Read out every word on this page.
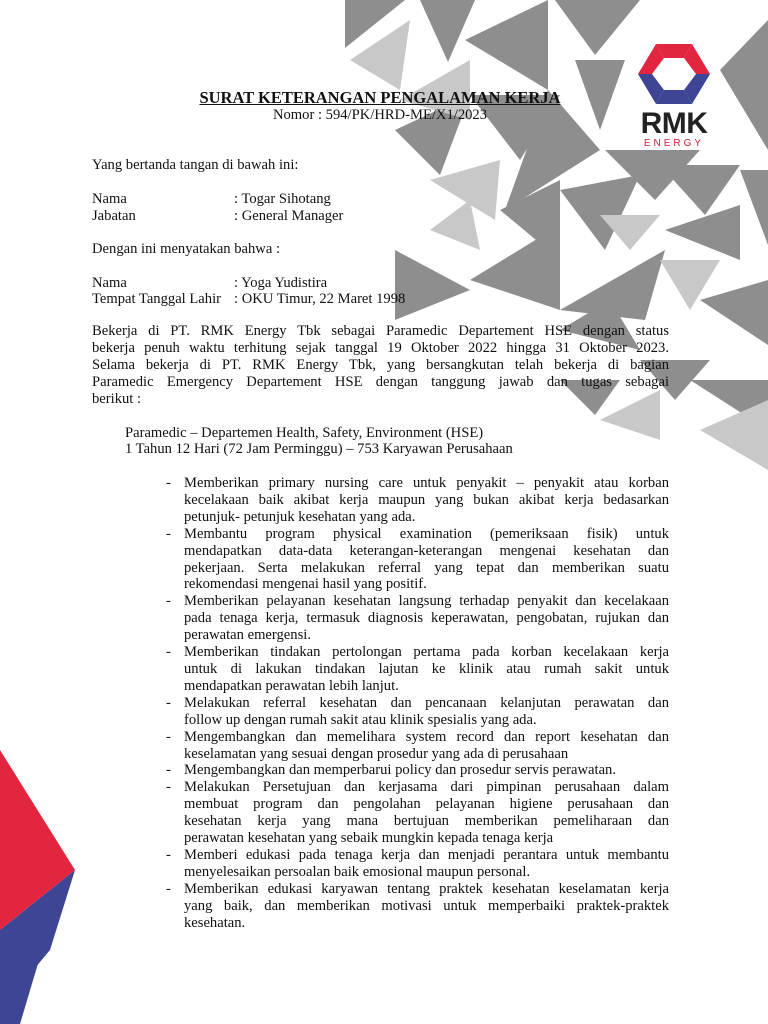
RMK
ENERGY
SURAT KETERANGAN PENGALAMAN KERJA
Nomor : 594/PK/HRD-ME/X1/2023
Yang bertanda tangan di bawah ini:
Nama	: Togar Sihotang
Jabatan	: General Manager
Dengan ini menyatakan bahwa :
Nama	: Yoga Yudistira
Tempat Tanggal Lahir : OKU Timur, 22 Maret 1998
Bekerja di PT. RMK Energy Tbk sebagai Paramedic Departement HSE dengan status
bekerja penuh waktu terhitung sejak tanggal 19 Oktober 2022 hingga 31 Oktober 2023.
Selama bekerja di PT. RMK Energy Tbk, yang bersangkutan telah bekerja di bagian
Paramedic Emergency Departement HSE dengan tanggung jawab dan tugas sebagai
berikut :
Paramedic – Departemen Health, Safety, Environment (HSE)
1 Tahun 12 Hari (72 Jam Perminggu) – 753 Karyawan Perusahaan
- Memberikan primary nursing care untuk penyakit – penyakit atau korban
kecelakaan baik akibat kerja maupun yang bukan akibat kerja bedasarkan
petunjuk- petunjuk kesehatan yang ada.
- Membantu program physical examination (pemeriksaan fisik) untuk
mendapatkan data-data keterangan-keterangan mengenai kesehatan dan
pekerjaan. Serta melakukan referral yang tepat dan memberikan suatu
rekomendasi mengenai hasil yang positif.
- Memberikan pelayanan kesehatan langsung terhadap penyakit dan kecelakaan
pada tenaga kerja, termasuk diagnosis keperawatan, pengobatan, rujukan dan
perawatan emergensi.
- Memberikan tindakan pertolongan pertama pada korban kecelakaan kerja
untuk di lakukan tindakan lajutan ke klinik atau rumah sakit untuk
mendapatkan perawatan lebih lanjut.
- Melakukan referral kesehatan dan pencanaan kelanjutan perawatan dan
follow up dengan rumah sakit atau klinik spesialis yang ada.
- Mengembangkan dan memelihara system record dan report kesehatan dan
keselamatan yang sesuai dengan prosedur yang ada di perusahaan
- Mengembangkan dan memperbarui policy dan prosedur servis perawatan.
- Melakukan Persetujuan dan kerjasama dari pimpinan perusahaan dalam
membuat program dan pengolahan pelayanan higiene perusahaan dan
kesehatan kerja yang mana bertujuan memberikan pemeliharaan dan
perawatan kesehatan yang sebaik mungkin kepada tenaga kerja
- Memberi edukasi pada tenaga kerja dan menjadi perantara untuk membantu
menyelesaikan persoalan baik emosional maupun personal.
- Memberikan edukasi karyawan tentang praktek kesehatan keselamatan kerja
yang baik, dan memberikan motivasi untuk memperbaiki praktek-praktek
kesehatan.
